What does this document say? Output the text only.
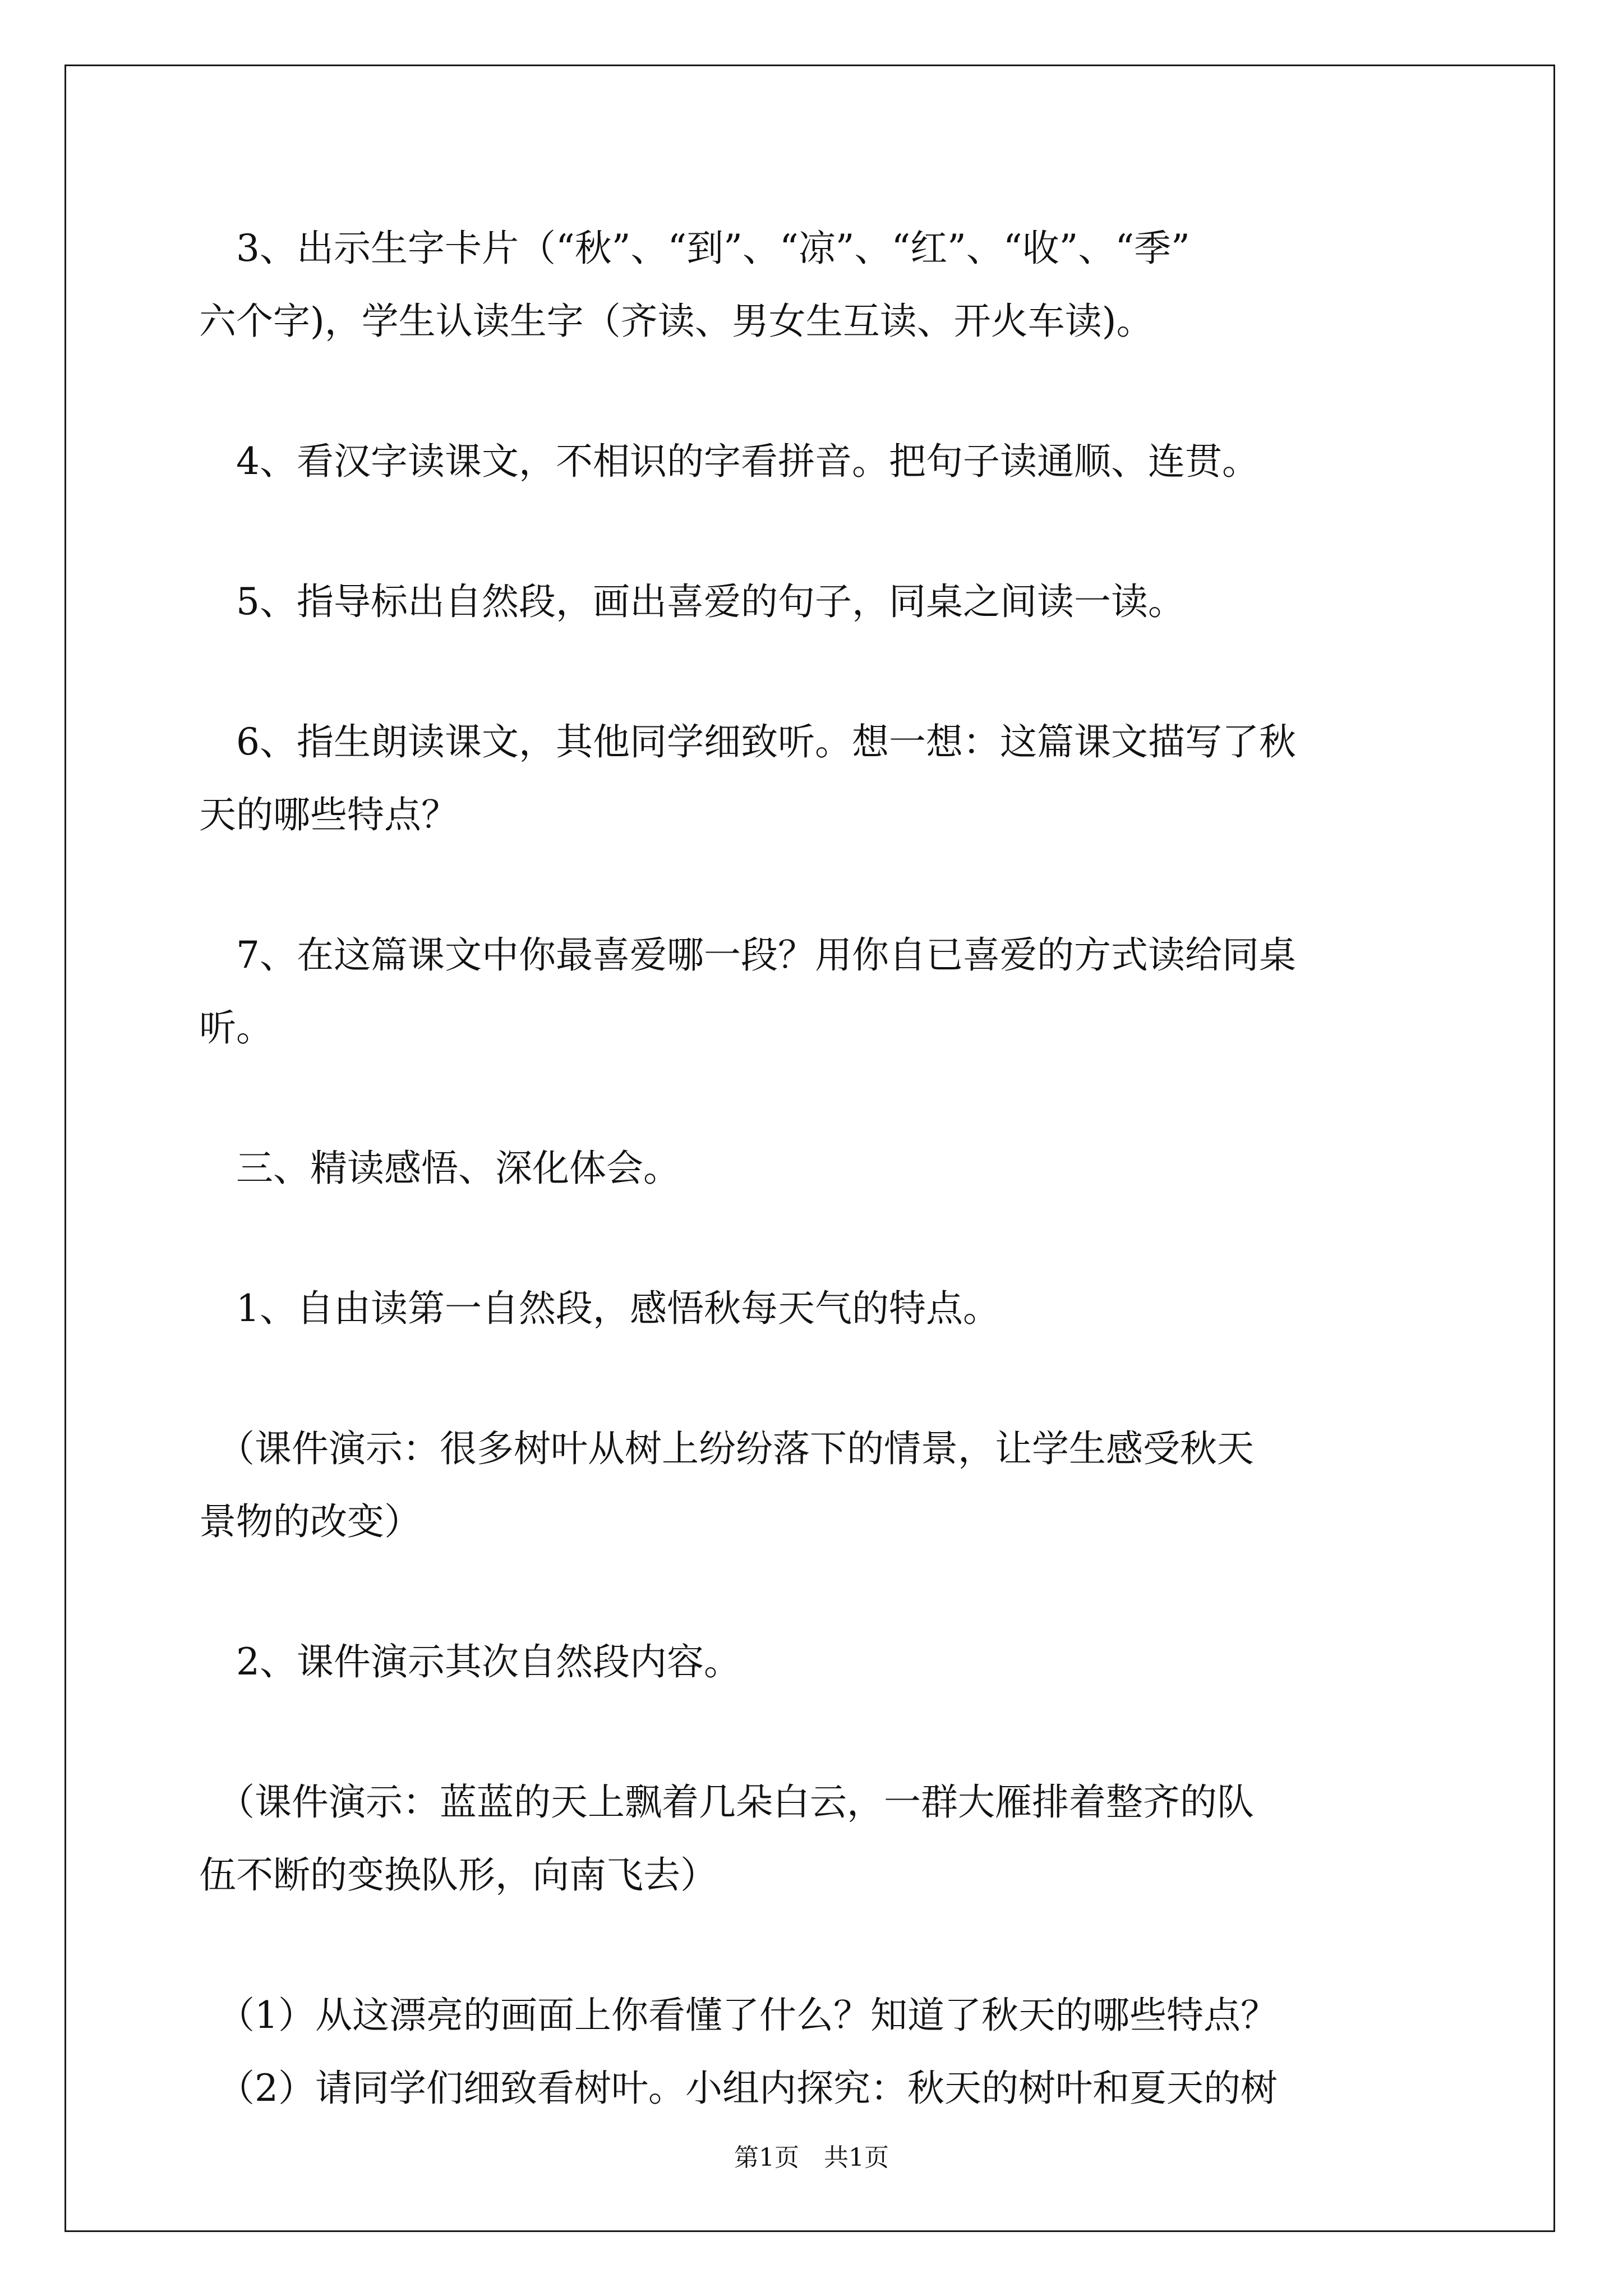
　3、出示生字卡片（“秋”、“到”、“凉”、“红”、“收”、“季”
六个字)，学生认读生字（齐读、男女生互读、开火车读)。
　4、看汉字读课文，不相识的字看拼音。把句子读通顺、连贯。
　5、指导标出自然段，画出喜爱的句子，同桌之间读一读。
　6、指生朗读课文，其他同学细致听。想一想：这篇课文描写了秋
天的哪些特点？
　7、在这篇课文中你最喜爱哪一段？用你自已喜爱的方式读给同桌
听。
　三、精读感悟、深化体会。
　1、自由读第一自然段，感悟秋每天气的特点。
　（课件演示：很多树叶从树上纷纷落下的情景，让学生感受秋天
景物的改变）
　2、课件演示其次自然段内容。
　（课件演示：蓝蓝的天上飘着几朵白云，一群大雁排着整齐的队
伍不断的变换队形，向南飞去）
　（1）从这漂亮的画面上你看懂了什么？知道了秋天的哪些特点？
　（2）请同学们细致看树叶。小组内探究：秋天的树叶和夏天的树
第1页　共1页
